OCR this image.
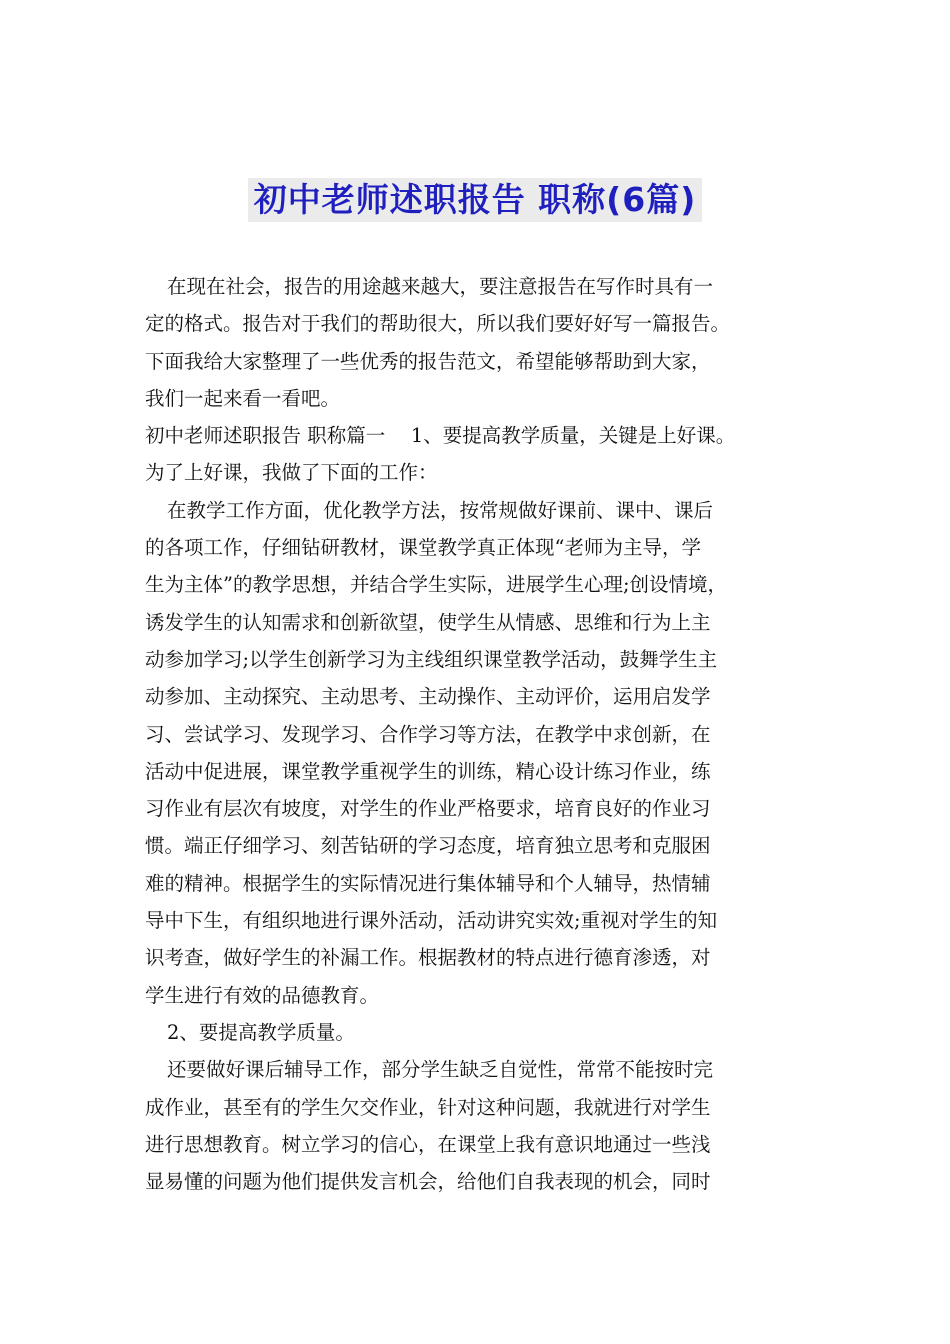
初中老师述职报告 职称(6篇)

在现在社会，报告的用途越来越大，要注意报告在写作时具有一

定的格式。报告对于我们的帮助很大，所以我们要好好写一篇报告。

下面我给大家整理了一些优秀的报告范文，希望能够帮助到大家，

我们一起来看一看吧。

初中老师述职报告 职称篇一　 1、要提高教学质量，关键是上好课。

为了上好课，我做了下面的工作：

在教学工作方面，优化教学方法，按常规做好课前、课中、课后

的各项工作，仔细钻研教材，课堂教学真正体现“老师为主导，学

生为主体”的教学思想，并结合学生实际，进展学生心理;创设情境，

诱发学生的认知需求和创新欲望，使学生从情感、思维和行为上主

动参加学习;以学生创新学习为主线组织课堂教学活动，鼓舞学生主

动参加、主动探究、主动思考、主动操作、主动评价，运用启发学

习、尝试学习、发现学习、合作学习等方法，在教学中求创新，在

活动中促进展，课堂教学重视学生的训练，精心设计练习作业，练

习作业有层次有坡度，对学生的作业严格要求，培育良好的作业习

惯。端正仔细学习、刻苦钻研的学习态度，培育独立思考和克服困

难的精神。根据学生的实际情况进行集体辅导和个人辅导，热情辅

导中下生，有组织地进行课外活动，活动讲究实效;重视对学生的知

识考查，做好学生的补漏工作。根据教材的特点进行德育渗透，对

学生进行有效的品德教育。

2、要提高教学质量。

还要做好课后辅导工作，部分学生缺乏自觉性，常常不能按时完

成作业，甚至有的学生欠交作业，针对这种问题，我就进行对学生

进行思想教育。树立学习的信心，在课堂上我有意识地通过一些浅

显易懂的问题为他们提供发言机会，给他们自我表现的机会，同时
